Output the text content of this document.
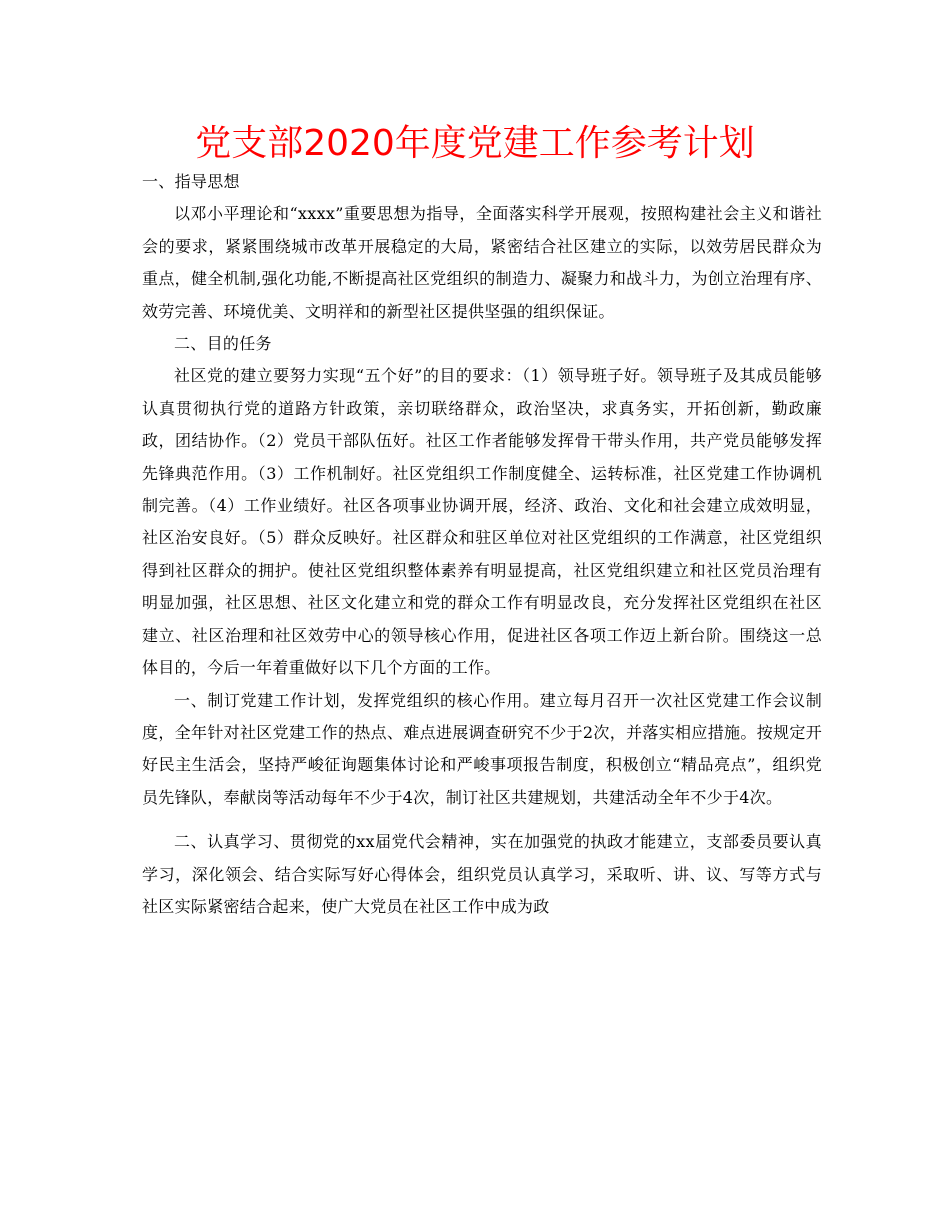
党支部2020年度党建工作参考计划

一、指导思想

以邓小平理论和“xxxx”重要思想为指导，全面落实科学开展观，按照构建社会主义和谐社会的要求，紧紧围绕城市改革开展稳定的大局，紧密结合社区建立的实际，以效劳居民群众为重点，健全机制,强化功能,不断提高社区党组织的制造力、凝聚力和战斗力，为创立治理有序、效劳完善、环境优美、文明祥和的新型社区提供坚强的组织保证。

二、目的任务

社区党的建立要努力实现“五个好”的目的要求：（1）领导班子好。领导班子及其成员能够认真贯彻执行党的道路方针政策，亲切联络群众，政治坚决，求真务实，开拓创新，勤政廉政，团结协作。（2）党员干部队伍好。社区工作者能够发挥骨干带头作用，共产党员能够发挥先锋典范作用。（3）工作机制好。社区党组织工作制度健全、运转标准，社区党建工作协调机制完善。（4）工作业绩好。社区各项事业协调开展，经济、政治、文化和社会建立成效明显，社区治安良好。（5）群众反映好。社区群众和驻区单位对社区党组织的工作满意，社区党组织得到社区群众的拥护。使社区党组织整体素养有明显提高，社区党组织建立和社区党员治理有明显加强，社区思想、社区文化建立和党的群众工作有明显改良，充分发挥社区党组织在社区建立、社区治理和社区效劳中心的领导核心作用，促进社区各项工作迈上新台阶。围绕这一总体目的，今后一年着重做好以下几个方面的工作。

一、制订党建工作计划，发挥党组织的核心作用。建立每月召开一次社区党建工作会议制度，全年针对社区党建工作的热点、难点进展调查研究不少于2次，并落实相应措施。按规定开好民主生活会，坚持严峻征询题集体讨论和严峻事项报告制度，积极创立“精品亮点”，组织党员先锋队，奉献岗等活动每年不少于4次，制订社区共建规划，共建活动全年不少于4次。

二、认真学习、贯彻党的xx届党代会精神，实在加强党的执政才能建立，支部委员要认真学习，深化领会、结合实际写好心得体会，组织党员认真学习，采取听、讲、议、写等方式与社区实际紧密结合起来，使广大党员在社区工作中成为政
